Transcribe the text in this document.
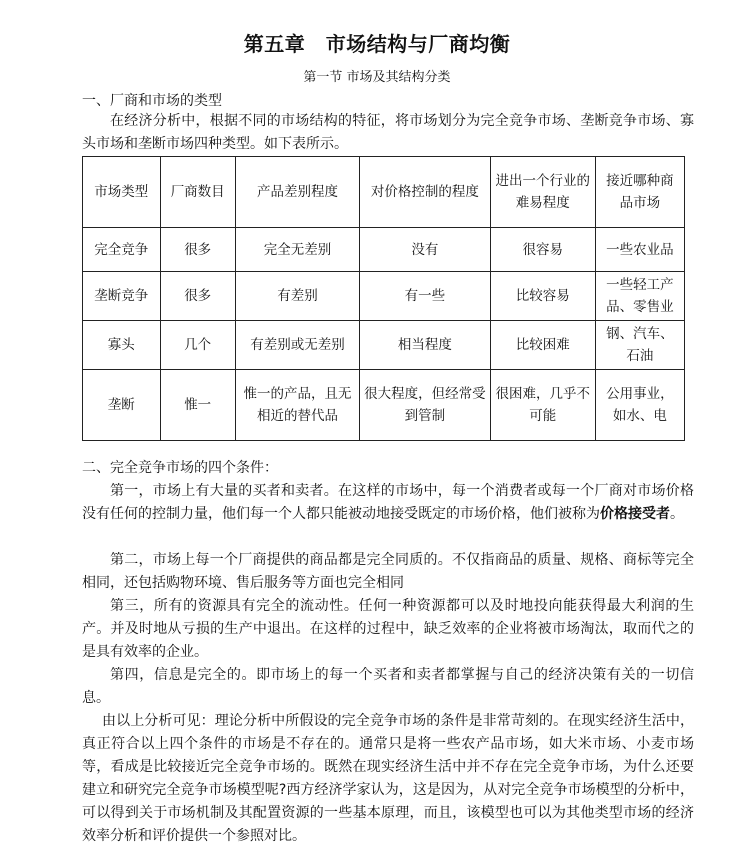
第五章　市场结构与厂商均衡
第一节 市场及其结构分类
一、厂商和市场的类型
在经济分析中，根据不同的市场结构的特征，将市场划分为完全竞争市场、垄断竞争市场、寡头市场和垄断市场四种类型。如下表所示。
市场类型	厂商数目	产品差别程度	对价格控制的程度	进出一个行业的难易程度	接近哪种商品市场
完全竞争	很多	完全无差别	没有	很容易	一些农业品
垄断竞争	很多	有差别	有一些	比较容易	一些轻工产品、零售业
寡头	几个	有差别或无差别	相当程度	比较困难	钢、汽车、石油
垄断	惟一	惟一的产品，且无相近的替代品	很大程度，但经常受到管制	很困难，几乎不可能	公用事业，如水、电
二、完全竞争市场的四个条件：
第一，市场上有大量的买者和卖者。在这样的市场中，每一个消费者或每一个厂商对市场价格没有任何的控制力量，他们每一个人都只能被动地接受既定的市场价格，他们被称为价格接受者。
第二，市场上每一个厂商提供的商品都是完全同质的。不仅指商品的质量、规格、商标等完全相同，还包括购物环境、售后服务等方面也完全相同
第三，所有的资源具有完全的流动性。任何一种资源都可以及时地投向能获得最大利润的生产。并及时地从亏损的生产中退出。在这样的过程中，缺乏效率的企业将被市场淘汰，取而代之的是具有效率的企业。
第四，信息是完全的。即市场上的每一个买者和卖者都掌握与自己的经济决策有关的一切信息。
由以上分析可见：理论分析中所假设的完全竞争市场的条件是非常苛刻的。在现实经济生活中，真正符合以上四个条件的市场是不存在的。通常只是将一些农产品市场，如大米市场、小麦市场等，看成是比较接近完全竞争市场的。既然在现实经济生活中并不存在完全竞争市场，为什么还要建立和研究完全竞争市场模型呢?西方经济学家认为，这是因为，从对完全竞争市场模型的分析中，可以得到关于市场机制及其配置资源的一些基本原理，而且，该模型也可以为其他类型市场的经济效率分析和评价提供一个参照对比。
